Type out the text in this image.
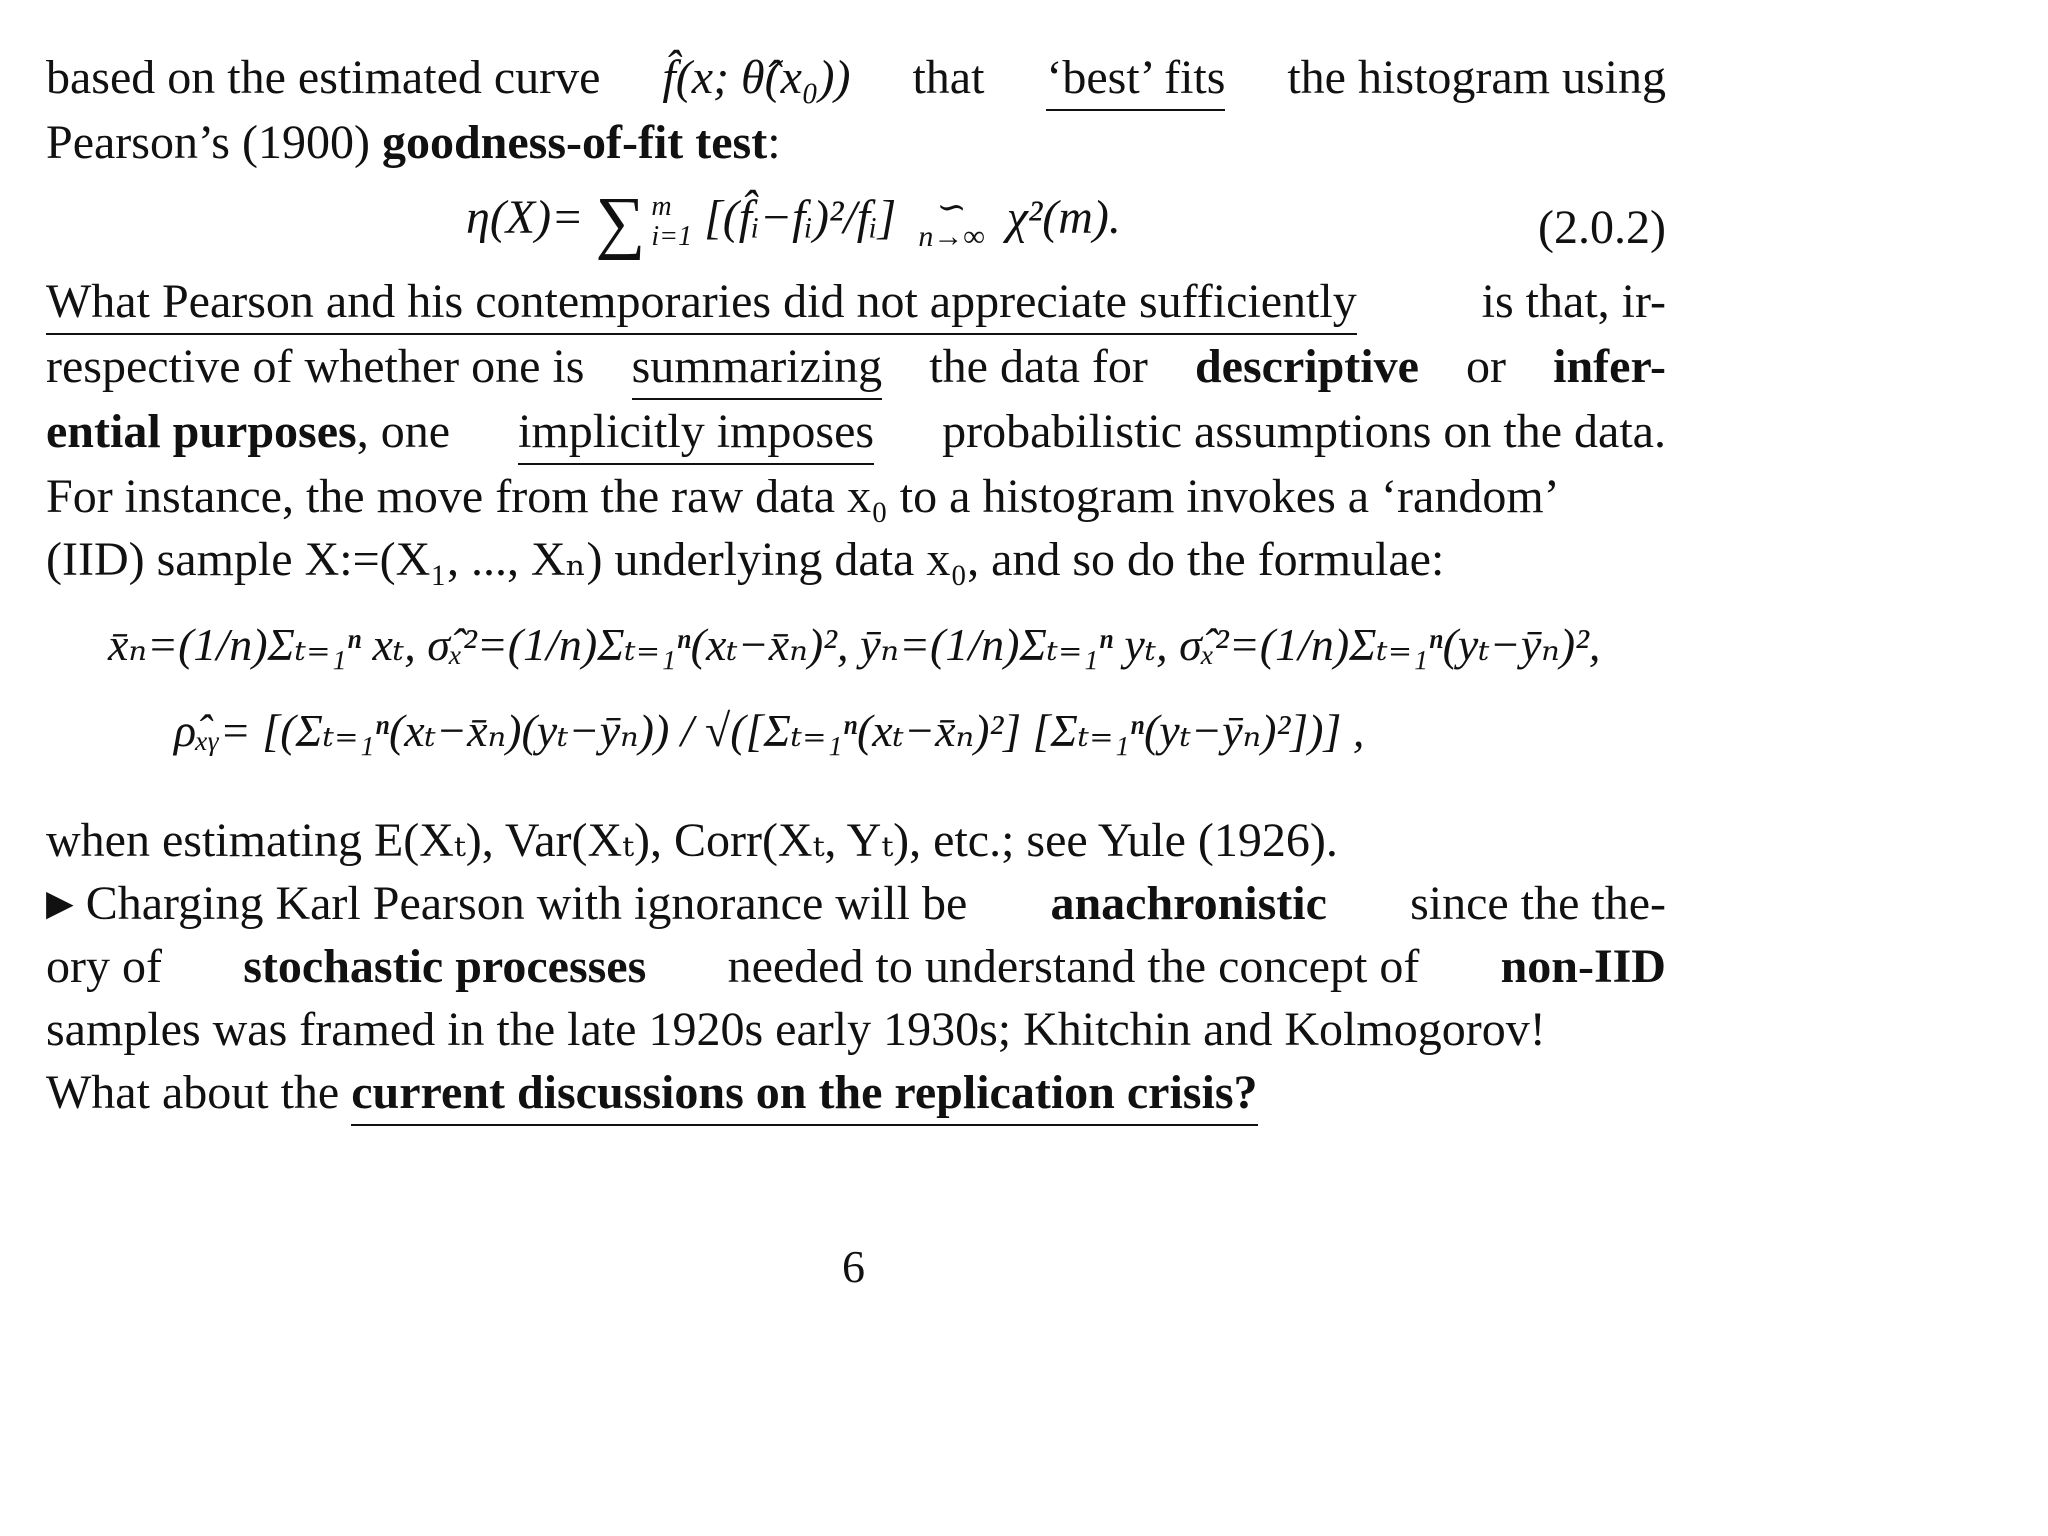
based on the estimated curve f̂(x; θ̂(x₀)) that ‘best’ fits the histogram using
Pearson’s (1900) goodness-of-fit test :
η(X)= ∑ m
i=1 [(f̂ᵢ−fᵢ)²/fᵢ]	∽
n→∞ χ²(m).	(2.0.2)
What Pearson and his contemporaries did not appreciate sufficiently	is that, ir-
respective of whether one is summarizing the data for descriptive or infer-
ential purposes, one implicitly imposes probabilistic assumptions on the data.
For instance, the move from the raw data x₀ to a histogram invokes a ‘random’
(IID) sample X:=(X₁, ..., Xₙ) underlying data x₀, and so do the formulae:
x̄ₙ=(1/n)Σₜ₌₁ⁿ xₜ, σ̂ₓ²=(1/n)Σₜ₌₁ⁿ(xₜ−x̄ₙ)², ȳₙ=(1/n)Σₜ₌₁ⁿ yₜ, σ̂ₓ²=(1/n)Σₜ₌₁ⁿ(yₜ−ȳₙ)²,
ρ̂ₓᵧ= [(Σₜ₌₁ⁿ(xₜ−x̄ₙ)(yₜ−ȳₙ)) / √([Σₜ₌₁ⁿ(xₜ−x̄ₙ)²] [Σₜ₌₁ⁿ(yₜ−ȳₙ)²])] ,
when estimating E(Xₜ), Var(Xₜ), Corr(Xₜ, Yₜ), etc.; see Yule (1926).
▶ Charging Karl Pearson with ignorance will be anachronistic since the the-
ory of stochastic processes needed to understand the concept of non-IID
samples was framed in the late 1920s early 1930s; Khitchin and Kolmogorov!
What about the current discussions on the replication crisis?
6
